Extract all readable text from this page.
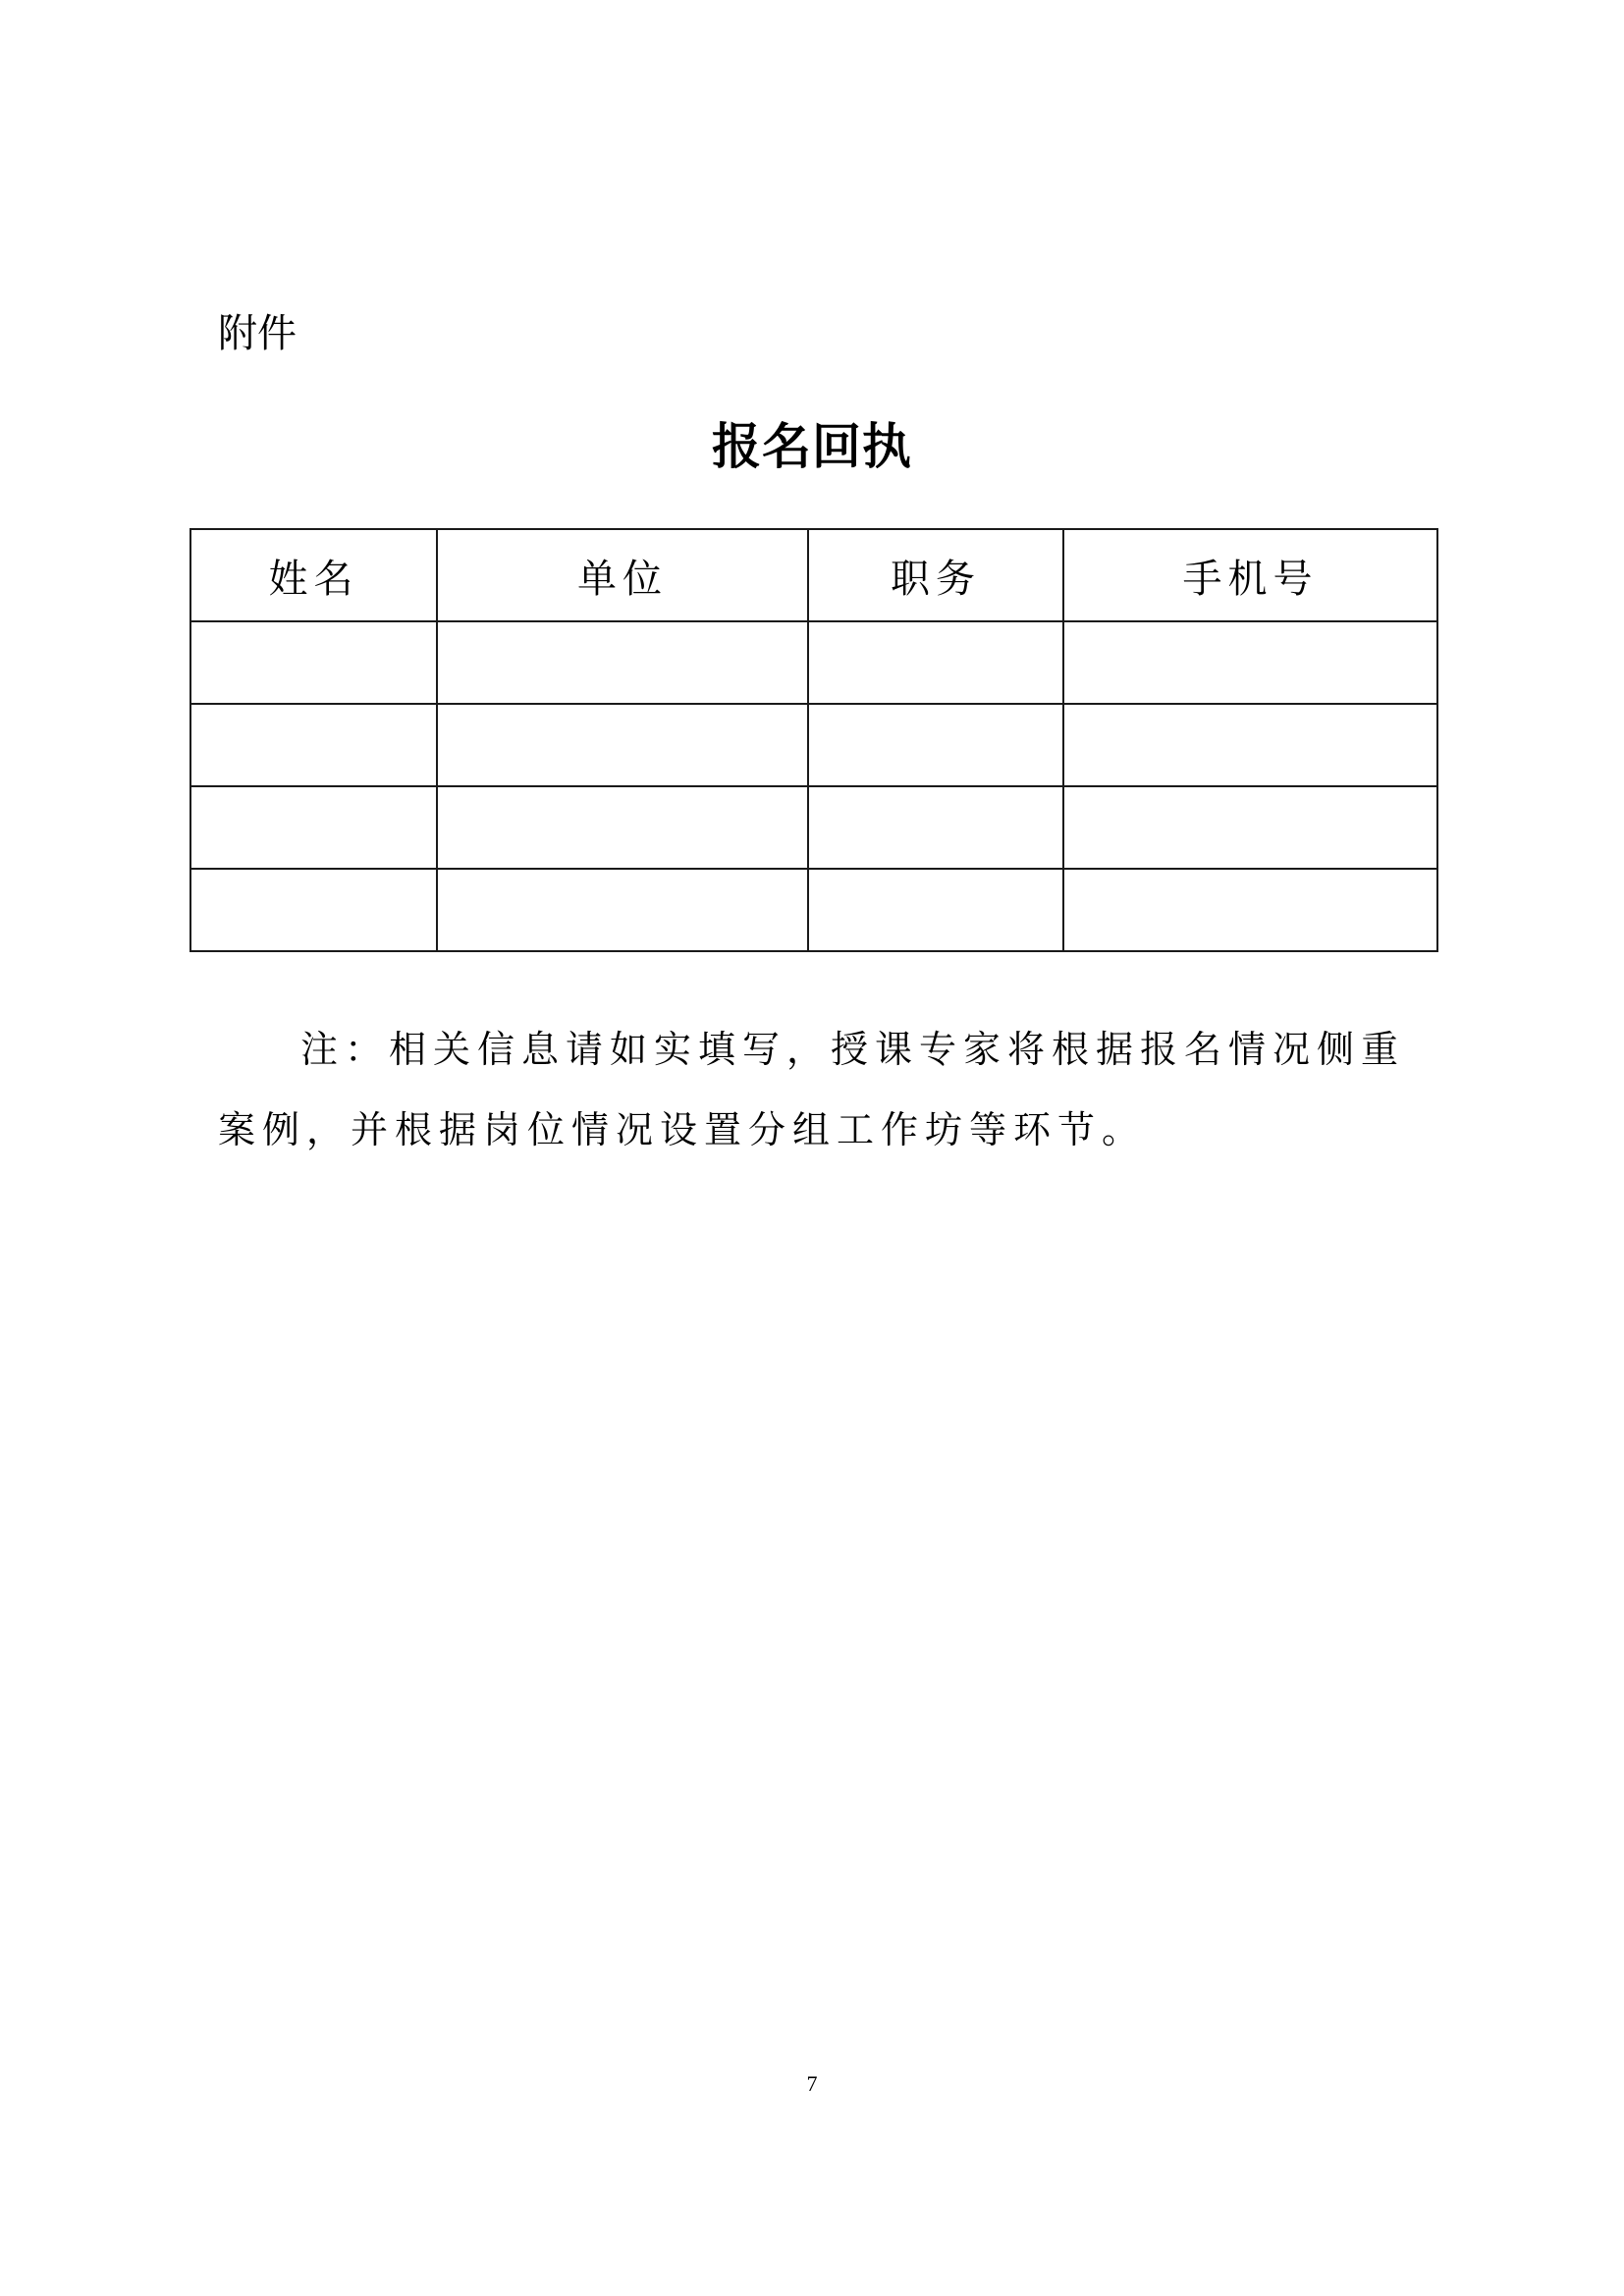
附件
报名回执
姓名	单位	职务	手机号

注：相关信息请如实填写，授课专家将根据报名情况侧重案例，并根据岗位情况设置分组工作坊等环节。

7
